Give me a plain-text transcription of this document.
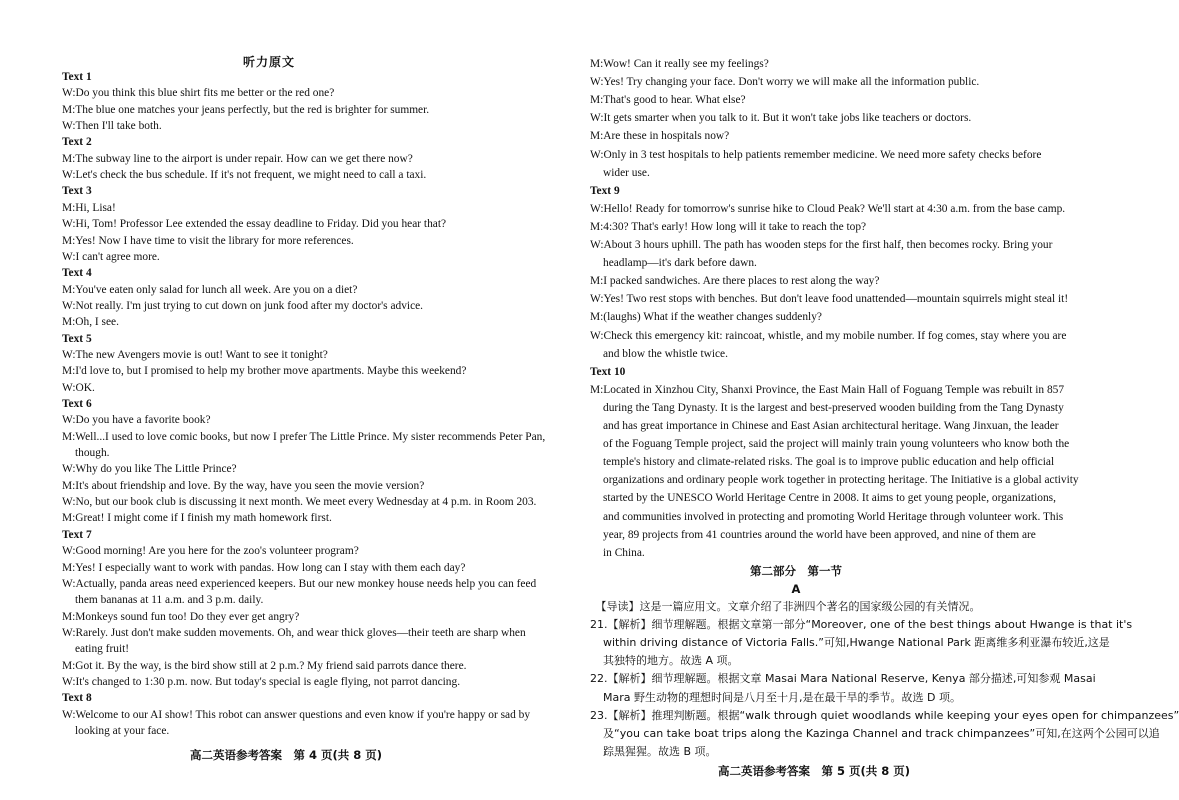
听力原文
Text 1
W:Do you think this blue shirt fits me better or the red one?
M:The blue one matches your jeans perfectly, but the red is brighter for summer.
W:Then I'll take both.
Text 2
M:The subway line to the airport is under repair. How can we get there now?
W:Let's check the bus schedule. If it's not frequent, we might need to call a taxi.
Text 3
M:Hi, Lisa!
W:Hi, Tom! Professor Lee extended the essay deadline to Friday. Did you hear that?
M:Yes! Now I have time to visit the library for more references.
W:I can't agree more.
Text 4
M:You've eaten only salad for lunch all week. Are you on a diet?
W:Not really. I'm just trying to cut down on junk food after my doctor's advice.
M:Oh, I see.
Text 5
W:The new Avengers movie is out! Want to see it tonight?
M:I'd love to, but I promised to help my brother move apartments. Maybe this weekend?
W:OK.
Text 6
W:Do you have a favorite book?
M:Well...I used to love comic books, but now I prefer The Little Prince. My sister recommends Peter Pan,
though.
W:Why do you like The Little Prince?
M:It's about friendship and love. By the way, have you seen the movie version?
W:No, but our book club is discussing it next month. We meet every Wednesday at 4 p.m. in Room 203.
M:Great! I might come if I finish my math homework first.
Text 7
W:Good morning! Are you here for the zoo's volunteer program?
M:Yes! I especially want to work with pandas. How long can I stay with them each day?
W:Actually, panda areas need experienced keepers. But our new monkey house needs help you can feed
them bananas at 11 a.m. and 3 p.m. daily.
M:Monkeys sound fun too! Do they ever get angry?
W:Rarely. Just don't make sudden movements. Oh, and wear thick gloves—their teeth are sharp when
eating fruit!
M:Got it. By the way, is the bird show still at 2 p.m.? My friend said parrots dance there.
W:It's changed to 1:30 p.m. now. But today's special is eagle flying, not parrot dancing.
Text 8
W:Welcome to our AI show! This robot can answer questions and even know if you're happy or sad by
looking at your face.
M:Wow! Can it really see my feelings?
W:Yes! Try changing your face. Don't worry we will make all the information public.
M:That's good to hear. What else?
W:It gets smarter when you talk to it. But it won't take jobs like teachers or doctors.
M:Are these in hospitals now?
W:Only in 3 test hospitals to help patients remember medicine. We need more safety checks before
wider use.
Text 9
W:Hello! Ready for tomorrow's sunrise hike to Cloud Peak? We'll start at 4:30 a.m. from the base camp.
M:4:30? That's early! How long will it take to reach the top?
W:About 3 hours uphill. The path has wooden steps for the first half, then becomes rocky. Bring your
headlamp—it's dark before dawn.
M:I packed sandwiches. Are there places to rest along the way?
W:Yes! Two rest stops with benches. But don't leave food unattended—mountain squirrels might steal it!
M:(laughs) What if the weather changes suddenly?
W:Check this emergency kit: raincoat, whistle, and my mobile number. If fog comes, stay where you are
and blow the whistle twice.
Text 10
M:Located in Xinzhou City, Shanxi Province, the East Main Hall of Foguang Temple was rebuilt in 857
during the Tang Dynasty. It is the largest and best-preserved wooden building from the Tang Dynasty
and has great importance in Chinese and East Asian architectural heritage. Wang Jinxuan, the leader
of the Foguang Temple project, said the project will mainly train young volunteers who know both the
temple's history and climate-related risks. The goal is to improve public education and help official
organizations and ordinary people work together in protecting heritage. The Initiative is a global activity
started by the UNESCO World Heritage Centre in 2008. It aims to get young people, organizations,
and communities involved in protecting and promoting World Heritage through volunteer work. This
year, 89 projects from 41 countries around the world have been approved, and nine of them are
in China.
第二部分　第一节
A
　【导读】这是一篇应用文。文章介绍了非洲四个著名的国家级公园的有关情况。
21.【解析】细节理解题。根据文章第一部分“Moreover, one of the best things about Hwange is that it's
within driving distance of Victoria Falls.”可知,Hwange National Park 距离维多利亚瀑布较近,这是
其独特的地方。故选 A 项。
22.【解析】细节理解题。根据文章 Masai Mara National Reserve, Kenya 部分描述,可知参观 Masai
Mara 野生动物的理想时间是八月至十月,是在最干旱的季节。故选 D 项。
23.【解析】推理判断题。根据“walk through quiet woodlands while keeping your eyes open for chimpanzees”
及“you can take boat trips along the Kazinga Channel and track chimpanzees”可知,在这两个公园可以追
踪黑猩猩。故选 B 项。
高二英语参考答案　第 4 页(共 8 页)
高二英语参考答案　第 5 页(共 8 页)
